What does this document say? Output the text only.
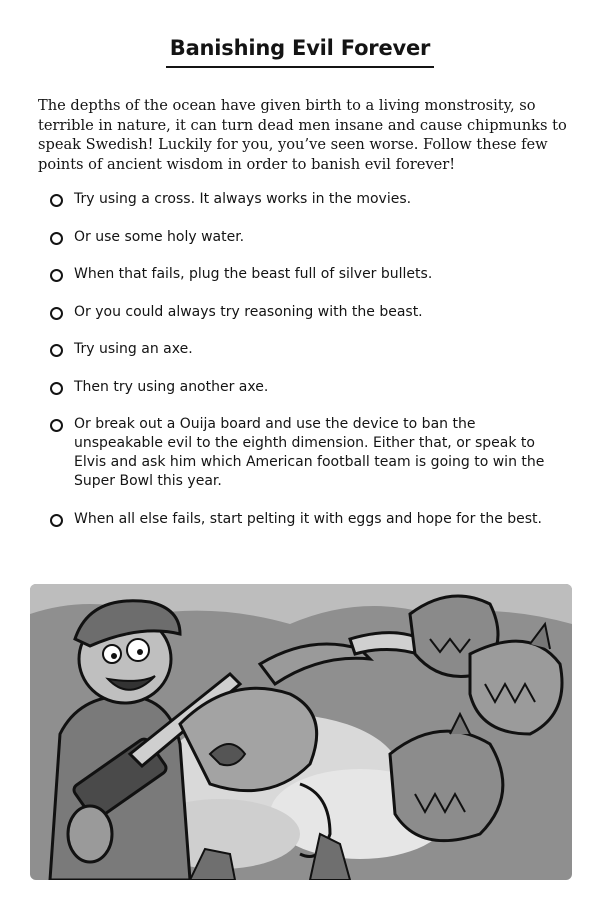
Banishing Evil Forever

The depths of the ocean have given birth to a living monstrosity, so terrible in nature, it can turn dead men insane and cause chipmunks to speak Swedish! Luckily for you, you’ve seen worse. Follow these few points of ancient wisdom in order to banish evil forever!

Try using a cross. It always works in the movies.
Or use some holy water.
When that fails, plug the beast full of silver bullets.
Or you could always try reasoning with the beast.
Try using an axe.
Then try using another axe.
Or break out a Ouija board and use the device to ban the unspeakable evil to the eighth dimension. Either that, or speak to Elvis and ask him which American football team is going to win the Super Bowl this year.
When all else fails, start pelting it with eggs and hope for the best.
